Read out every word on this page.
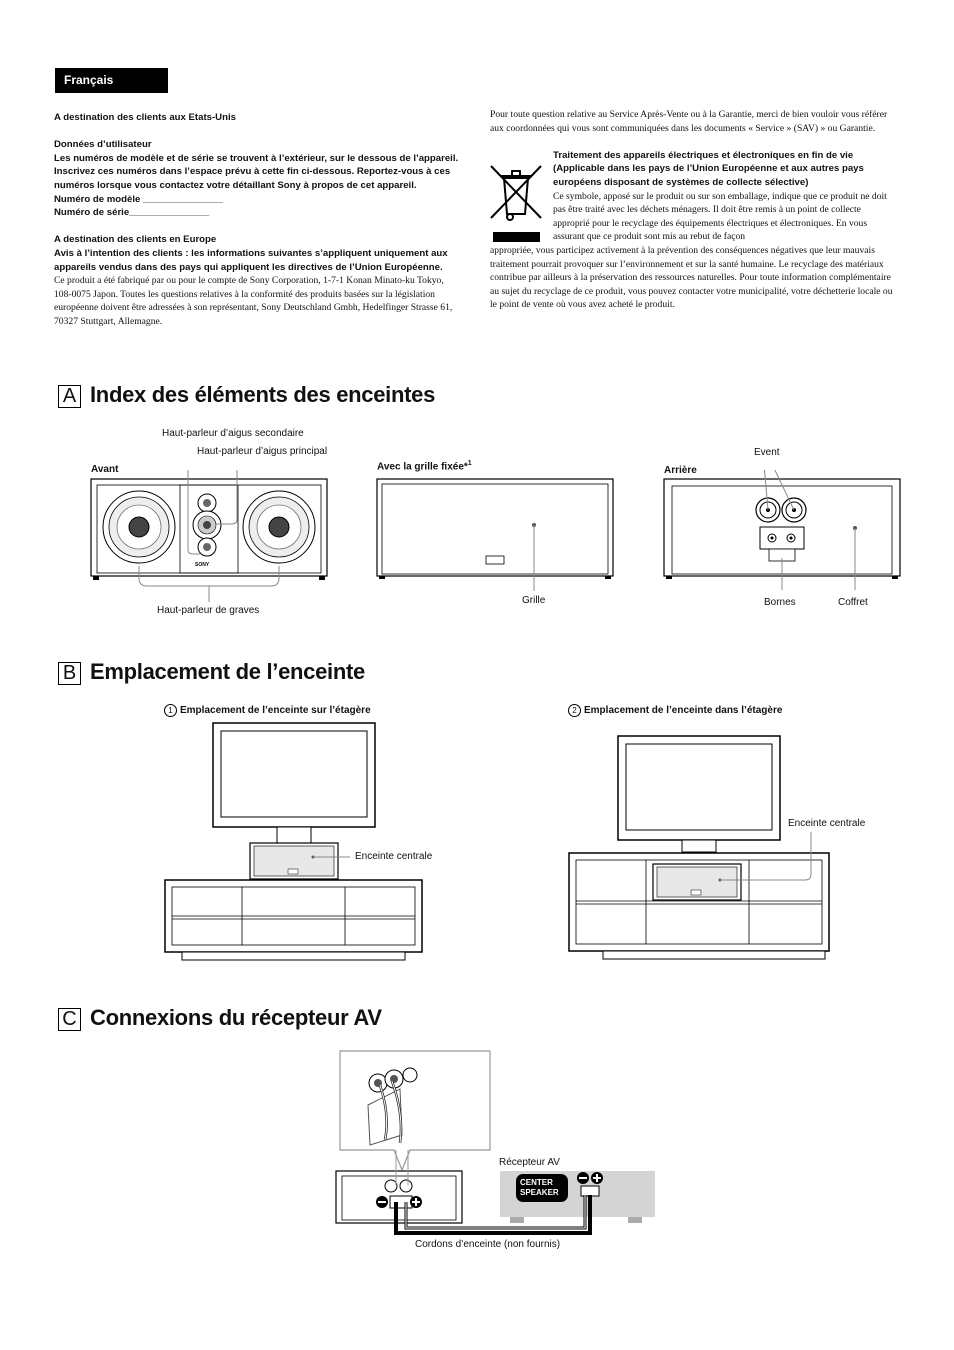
Français

A destination des clients aux Etats-Unis

Données d’utilisateur
Les numéros de modèle et de série se trouvent à l’extérieur, sur le dessous de l’appareil. Inscrivez ces numéros dans l’espace prévu à cette fin ci-dessous. Reportez-vous à ces numéros lorsque vous contactez votre détaillant Sony à propos de cet appareil.
Numéro de modèle _______________
Numéro de série_______________
A destination des clients en Europe
Avis à l’intention des clients : les informations suivantes s’appliquent uniquement aux appareils vendus dans des pays qui appliquent les directives de l’Union Européenne.
Ce produit a été fabriqué par ou pour le compte de Sony Corporation, 1-7-1 Konan Minato-ku Tokyo, 108-0075 Japon. Toutes les questions relatives à la conformité des produits basées sur la législation européenne doivent être adressées à son représentant, Sony Deutschland Gmbh, Hedelfinger Strasse 61, 70327 Stuttgart, Allemagne.

Pour toute question relative au Service Après-Vente ou à la Garantie, merci de bien vouloir vous référer aux coordonnées qui vous sont communiquées dans les documents « Service » (SAV) » ou Garantie.

Traitement des appareils électriques et électroniques en fin de vie (Applicable dans les pays de l’Union Européenne et aux autres pays européens disposant de systèmes de collecte sélective)

Ce symbole, apposé sur le produit ou sur son emballage, indique que ce produit ne doit pas être traité avec les déchets ménagers. Il doit être remis à un point de collecte approprié pour le recyclage des équipements électriques et électroniques. En vous assurant que ce produit sont mis au rebut de façon

appropriée, vous participez activement à la prévention des conséquences négatives que leur mauvais traitement pourrait provoquer sur l’environnement et sur la santé humaine. Le recyclage des matériaux contribue par ailleurs à la préservation des ressources naturelles. Pour toute information complémentaire au sujet du recyclage de ce produit, vous pouvez contacter votre municipalité, votre déchetterie locale ou le point de vente où vous avez acheté le produit.

A Index des éléments des enceintes
Haut-parleur d’aigus secondaire
Haut-parleur d’aigus principal
Avant
Haut-parleur de graves
Avec la grille fixée*$^1$
Grille
Arrière
Event
Bornes	Coffret
SONY
B Emplacement de l’enceinte
1 Emplacement de l’enceinte sur l’étagère	2 Emplacement de l’enceinte dans l’étagère
Enceinte centrale
Enceinte centrale
C Connexions du récepteur AV
Récepteur AV
Cordons d’enceinte (non fournis)
CENTER
SPEAKER
